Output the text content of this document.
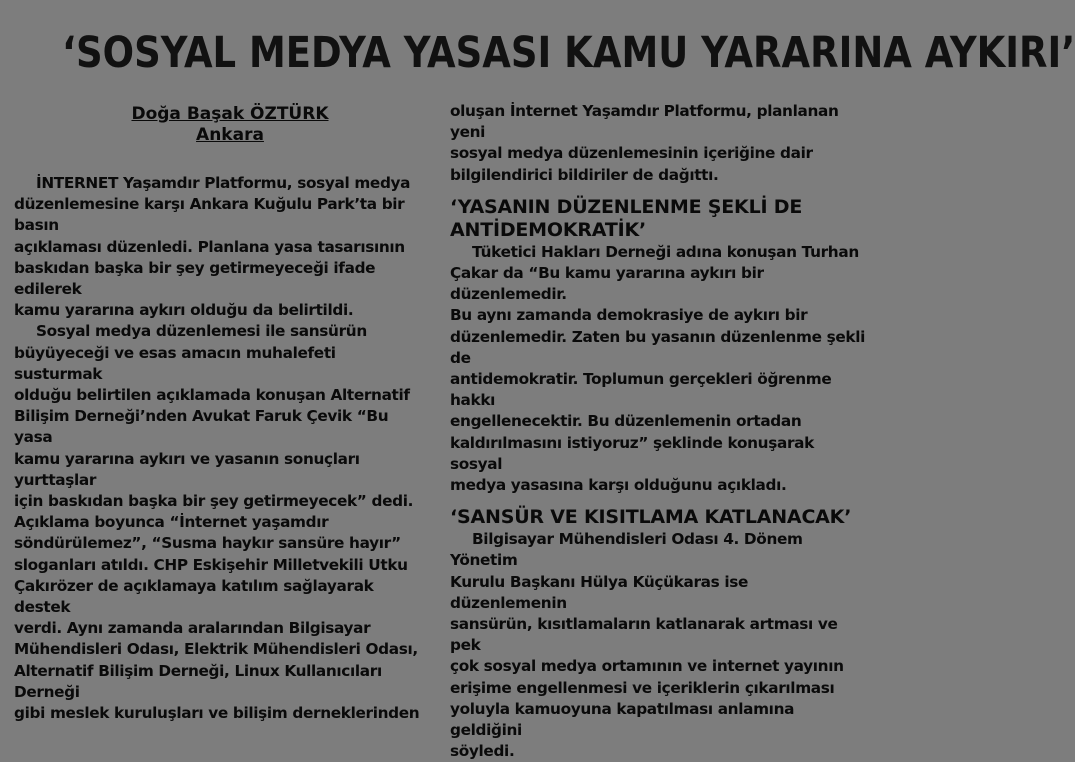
‘SOSYAL MEDYA YASASI KAMU YARARINA AYKIRI’
Doğa Başak ÖZTÜRK
Ankara

İNTERNET Yaşamdır Platformu, sosyal medya
düzenlemesine karşı Ankara Kuğulu Park’ta bir basın
açıklaması düzenledi. Planlana yasa tasarısının
baskıdan başka bir şey getirmeyeceği ifade edilerek
kamu yararına aykırı olduğu da belirtildi.

Sosyal medya düzenlemesi ile sansürün
büyüyeceği ve esas amacın muhalefeti susturmak
olduğu belirtilen açıklamada konuşan Alternatif
Bilişim Derneği’nden Avukat Faruk Çevik “Bu yasa
kamu yararına aykırı ve yasanın sonuçları yurttaşlar
için baskıdan başka bir şey getirmeyecek” dedi.
Açıklama boyunca “İnternet yaşamdır
söndürülemez”, “Susma haykır sansüre hayır”
sloganları atıldı. CHP Eskişehir Milletvekili Utku
Çakırözer de açıklamaya katılım sağlayarak destek
verdi. Aynı zamanda aralarından Bilgisayar
Mühendisleri Odası, Elektrik Mühendisleri Odası,
Alternatif Bilişim Derneği, Linux Kullanıcıları Derneği
gibi meslek kuruluşları ve bilişim derneklerinden

oluşan İnternet Yaşamdır Platformu, planlanan yeni
sosyal medya düzenlemesinin içeriğine dair
bilgilendirici bildiriler de dağıttı.

‘YASANIN DÜZENLENME ŞEKLİ DE
ANTİDEMOKRATİK’

Tüketici Hakları Derneği adına konuşan Turhan
Çakar da “Bu kamu yararına aykırı bir düzenlemedir.
Bu aynı zamanda demokrasiye de aykırı bir
düzenlemedir. Zaten bu yasanın düzenlenme şekli de
antidemokratir. Toplumun gerçekleri öğrenme hakkı
engellenecektir. Bu düzenlemenin ortadan
kaldırılmasını istiyoruz” şeklinde konuşarak sosyal
medya yasasına karşı olduğunu açıkladı.

‘SANSÜR VE KISITLAMA KATLANACAK’

Bilgisayar Mühendisleri Odası 4. Dönem Yönetim
Kurulu Başkanı Hülya Küçükaras ise düzenlemenin
sansürün, kısıtlamaların katlanarak artması ve pek
çok sosyal medya ortamının ve internet yayının
erişime engellenmesi ve içeriklerin çıkarılması
yoluyla kamuoyuna kapatılması anlamına geldiğini
söyledi.
